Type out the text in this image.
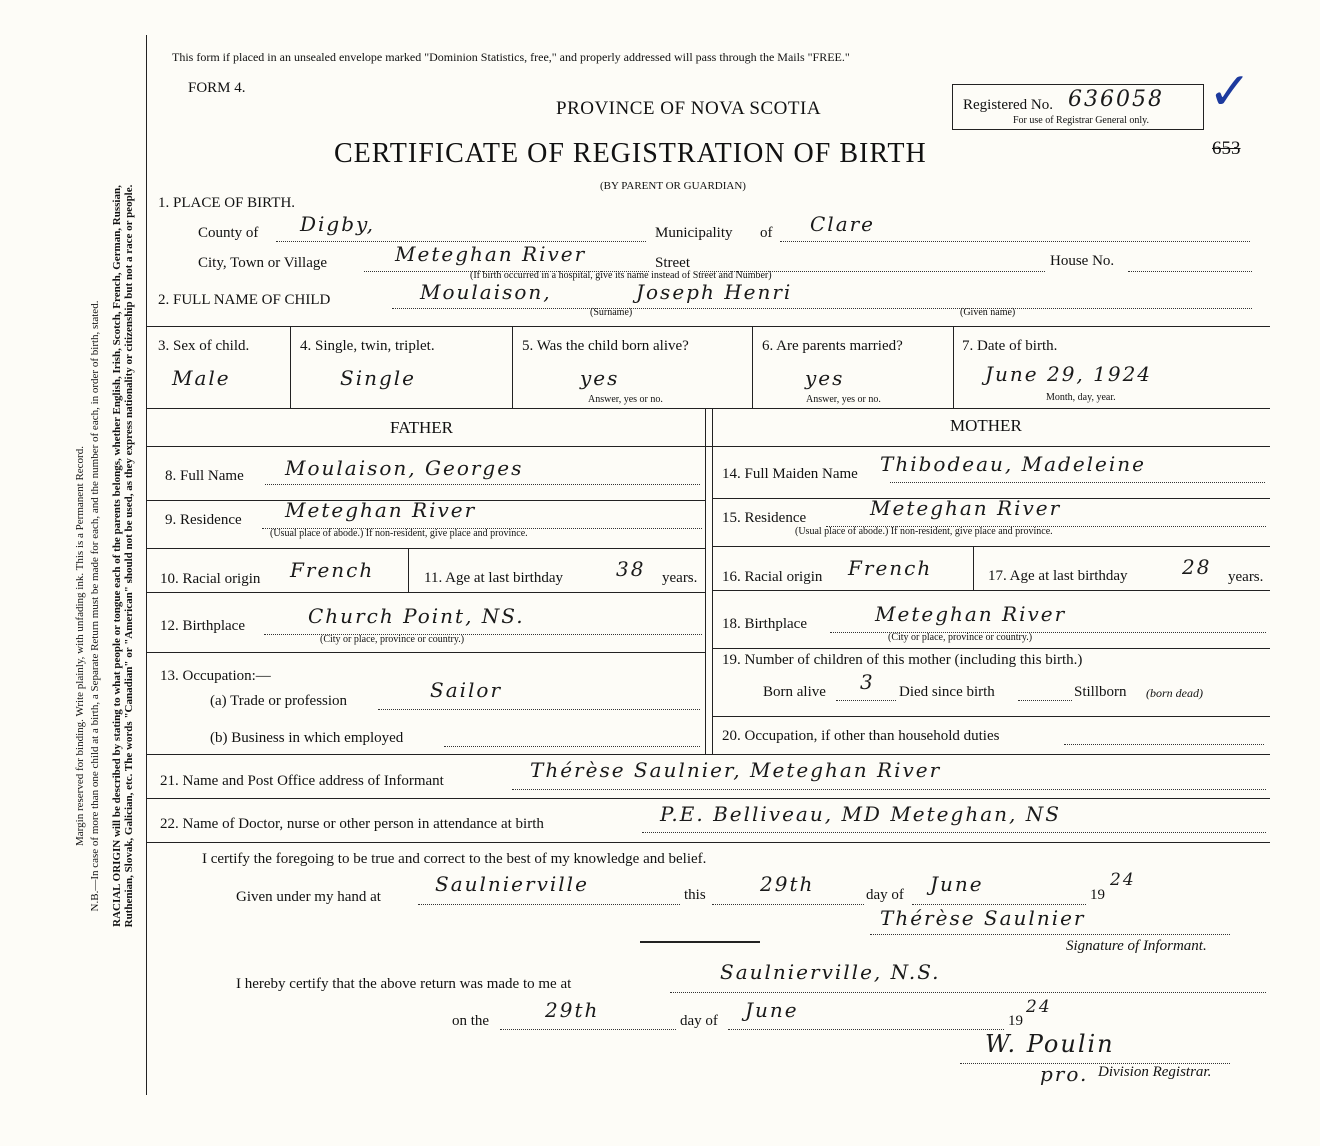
Margin reserved for binding. Write plainly, with unfading ink. This is a Permanent Record. N.B.—In case of more than one child at a birth, a Separate Return must be made for each, and the number of each, in order of birth, stated. RACIAL ORIGIN will be described by stating to what people or tongue each of the parents belongs, whether English, Irish, Scotch, French, German, Russian, Ruthenian, Slovak, Galician, etc. The words "Canadian" or "American" should not be used, as they express nationality or citizenship but not a race or people.
This form if placed in an unsealed envelope marked "Dominion Statistics, free," and properly addressed will pass through the Mails "FREE."
FORM 4.
PROVINCE OF NOVA SCOTIA
CERTIFICATE OF REGISTRATION OF BIRTH
(BY PARENT OR GUARDIAN)
Registered No. 636058
For use of Registrar General only. ✓
653
1. PLACE OF BIRTH.
County of Digby,	Municipality of Clare
City, Town or Village	Meteghan River	Street	House No.
(If birth occurred in a hospital, give its name instead of Street and Number)
2. FULL NAME OF CHILD	Moulaison,	Joseph Henri
(Surname)	(Given name)
3. Sex of child.
Male
4. Single, twin, triplet.
Single
5. Was the child born alive?
yes
Answer, yes or no.
6. Are parents married?
yes
Answer, yes or no.
7. Date of birth.
June 29, 1924
Month, day, year.
FATHER	MOTHER
8. Full Name Moulaison, Georges
9. Residence Meteghan River
(Usual place of abode.) If non-resident, give place and province.
10. Racial origin French	11. Age at last birthday	38 years.
12. Birthplace	Church Point, NS.
(City or place, province or country.)
13. Occupation:—
(a) Trade or profession	Sailor
(b) Business in which employed
14. Full Maiden Name Thibodeau, Madeleine
15. Residence	Meteghan River
(Usual place of abode.) If non-resident, give place and province.
16. Racial origin French	17. Age at last birthday	28 years.
18. Birthplace	Meteghan River
(City or place, province or country.)
19. Number of children of this mother (including this birth.)
Born alive 3 Died since birth	Stillborn (born dead)
20. Occupation, if other than household duties
21. Name and Post Office address of Informant	Thérèse Saulnier, Meteghan River
22. Name of Doctor, nurse or other person in attendance at birth	P.E. Belliveau, MD Meteghan, NS
I certify the foregoing to be true and correct to the best of my knowledge and belief.
Given under my hand at
Saulnierville	this	29th	day of June	19
24
Thérèse Saulnier
Signature of Informant.
I hereby certify that the above return was made to me at	Saulnierville, N.S.
on the	29th	day of June	19
24
W. Poulin
pro. Division Registrar.
